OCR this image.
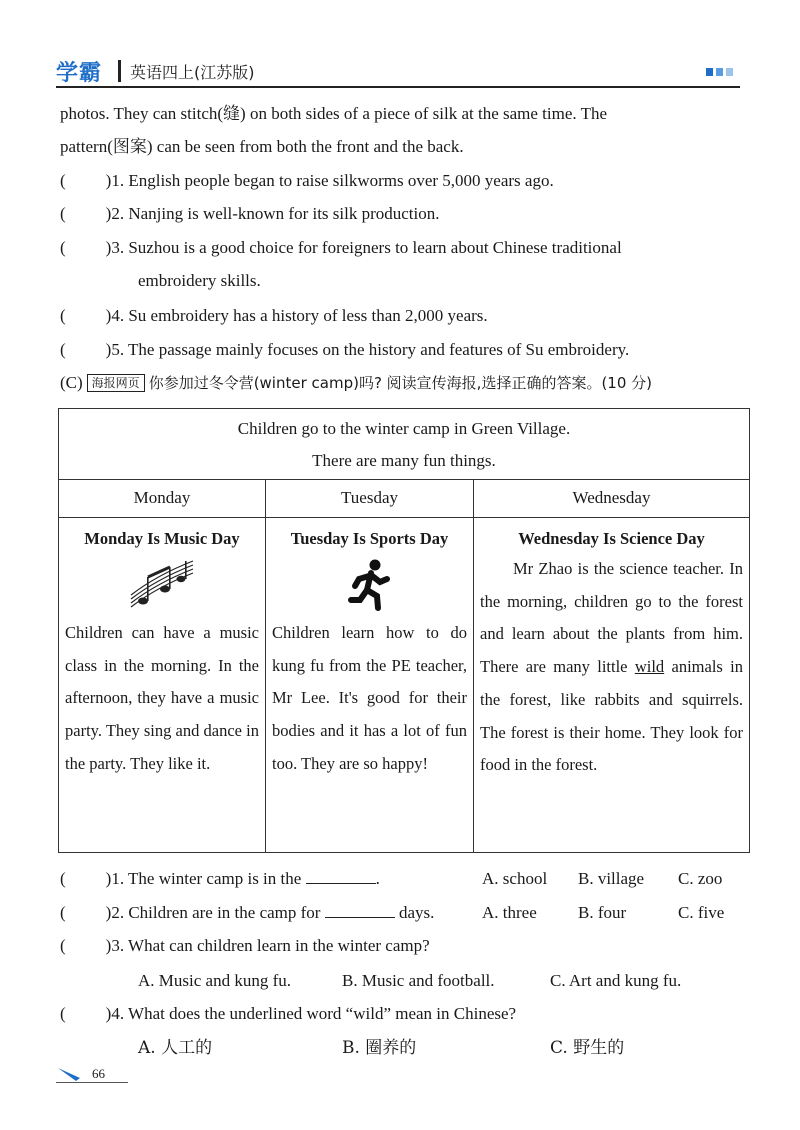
学霸 英语四上(江苏版)
photos. They can stitch(缝) on both sides of a piece of silk at the same time. The
pattern(图案) can be seen from both the front and the back.
( )1. English people began to raise silkworms over 5,000 years ago.
( )2. Nanjing is well-known for its silk production.
( )3. Suzhou is a good choice for foreigners to learn about Chinese traditional
embroidery skills.
( )4. Su embroidery has a history of less than 2,000 years.
( )5. The passage mainly focuses on the history and features of Su embroidery.
(C) 海报网页 你参加过冬令营(winter camp)吗? 阅读宣传海报,选择正确的答案。(10 分)
Children go to the winter camp in Green Village.
There are many fun things.
Monday	Tuesday	Wednesday
Monday Is Music Day
Children can have a music class in the morning. In the afternoon, they have a music party. They sing and dance in the party. They like it.
Tuesday Is Sports Day
Children learn how to do kung fu from the PE teacher, Mr Lee. It's good for their bodies and it has a lot of fun too. They are so happy!
Wednesday Is Science Day
Mr Zhao is the science teacher. In the morning, children go to the forest and learn about the plants from him. There are many little wild animals in the forest, like rabbits and squirrels. The forest is their home. They look for food in the forest.
( )1. The winter camp is in the	.	A. school B. village C. zoo
( )2. Children are in the camp for	days.	A. three B. four	C. five
( )3. What can children learn in the winter camp?
A. Music and kung fu.	B. Music and football.	C. Art and kung fu.
( )4. What does the underlined word “wild” mean in Chinese?
A. 人工的	B. 圈养的	C. 野生的
66
